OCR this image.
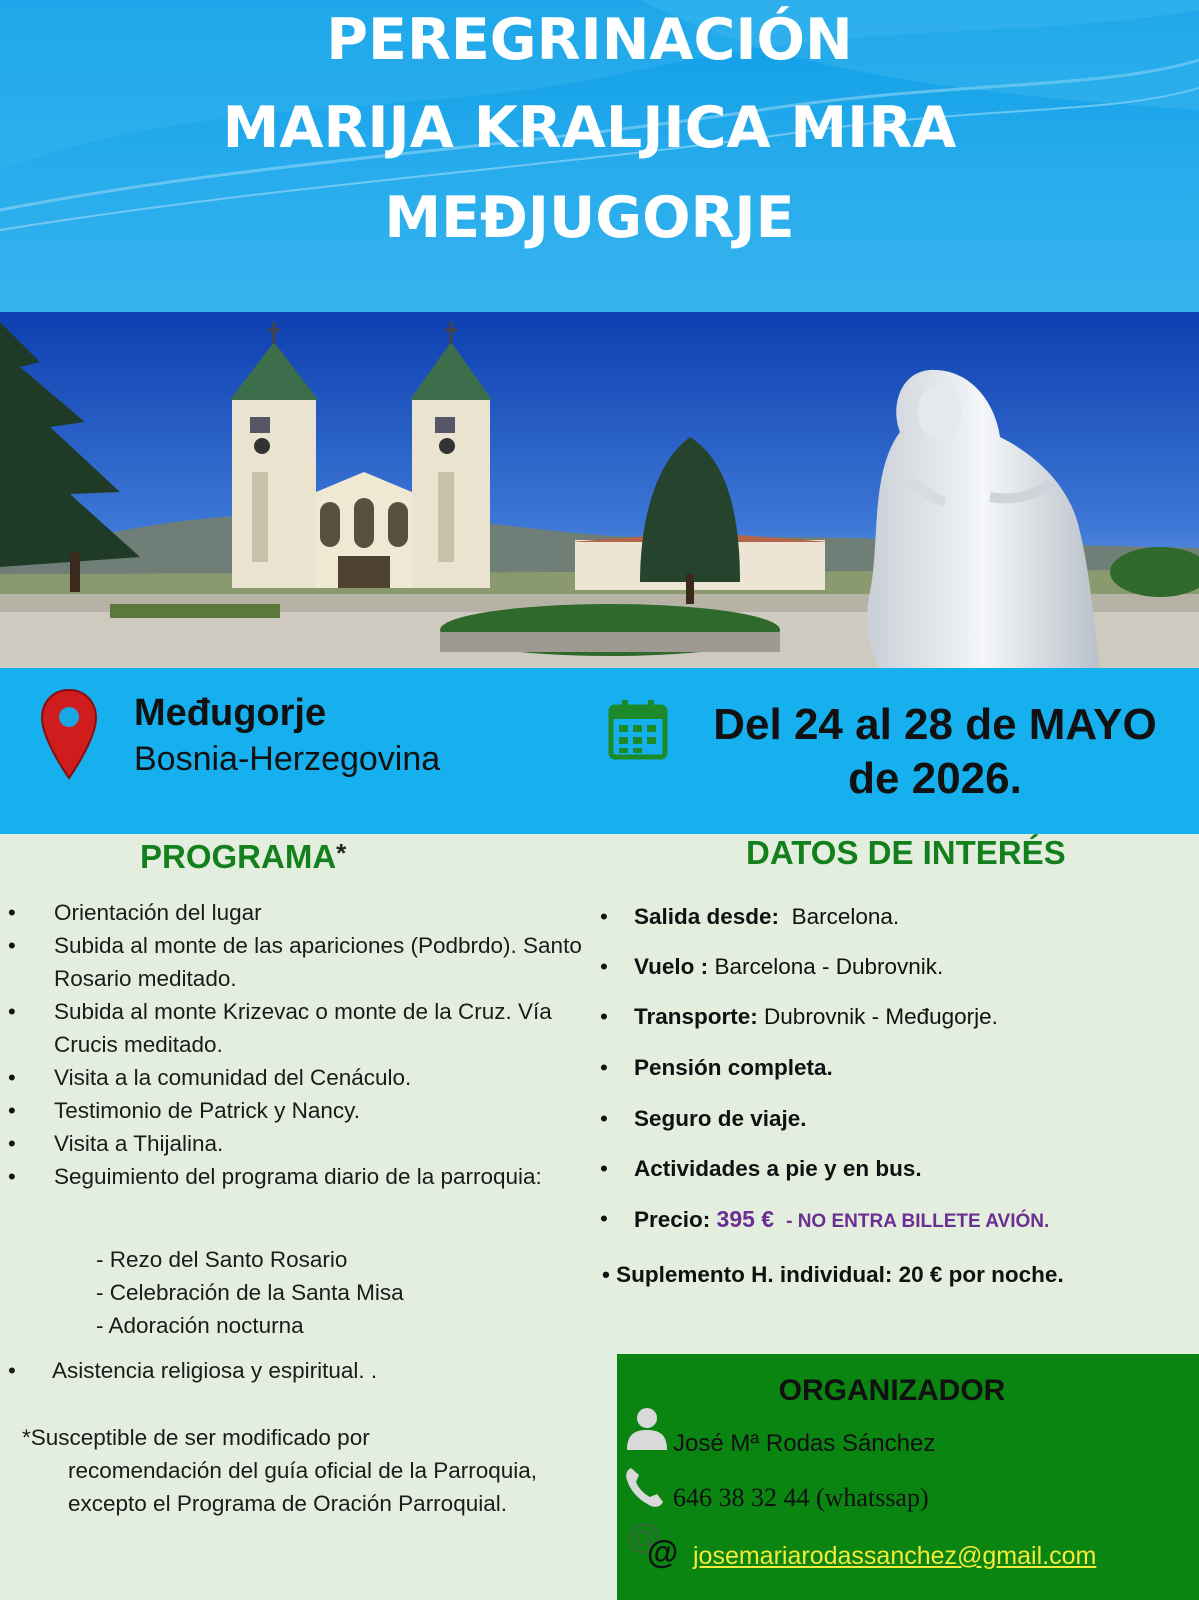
PEREGRINACIÓN
MARIJA KRALJICA MIRA
MEĐJUGORJE
Međugorje
Bosnia-Herzegovina
Del 24 al 28 de MAYO
de 2026.
PROGRAMA*
• Orientación del lugar
• Subida al monte de las apariciones (Podbrdo). Santo Rosario meditado.
• Subida al monte Krizevac o monte de la Cruz. Vía Crucis meditado.
• Visita a la comunidad del Cenáculo.
• Testimonio de Patrick y Nancy.
• Visita a Thijalina.
• Seguimiento del programa diario de la parroquia:
- Rezo del Santo Rosario
- Celebración de la Santa Misa
- Adoración nocturna
• Asistencia religiosa y espiritual. .
*Susceptible de ser modificado por
recomendación del guía oficial de la Parroquia, excepto el Programa de Oración Parroquial.
DATOS DE INTERÉS
• Salida desde: Barcelona.
• Vuelo : Barcelona - Dubrovnik.
• Transporte: Dubrovnik - Međugorje.
• Pensión completa.
• Seguro de viaje.
• Actividades a pie y en bus.
• Precio: 395 € - NO ENTRA BILLETE AVIÓN.
• Suplemento H. individual: 20 € por noche.
ORGANIZADOR
José Mª Rodas Sánchez
646 38 32 44 (whatssap)
@
@ josemariarodassanchez@gmail.com
